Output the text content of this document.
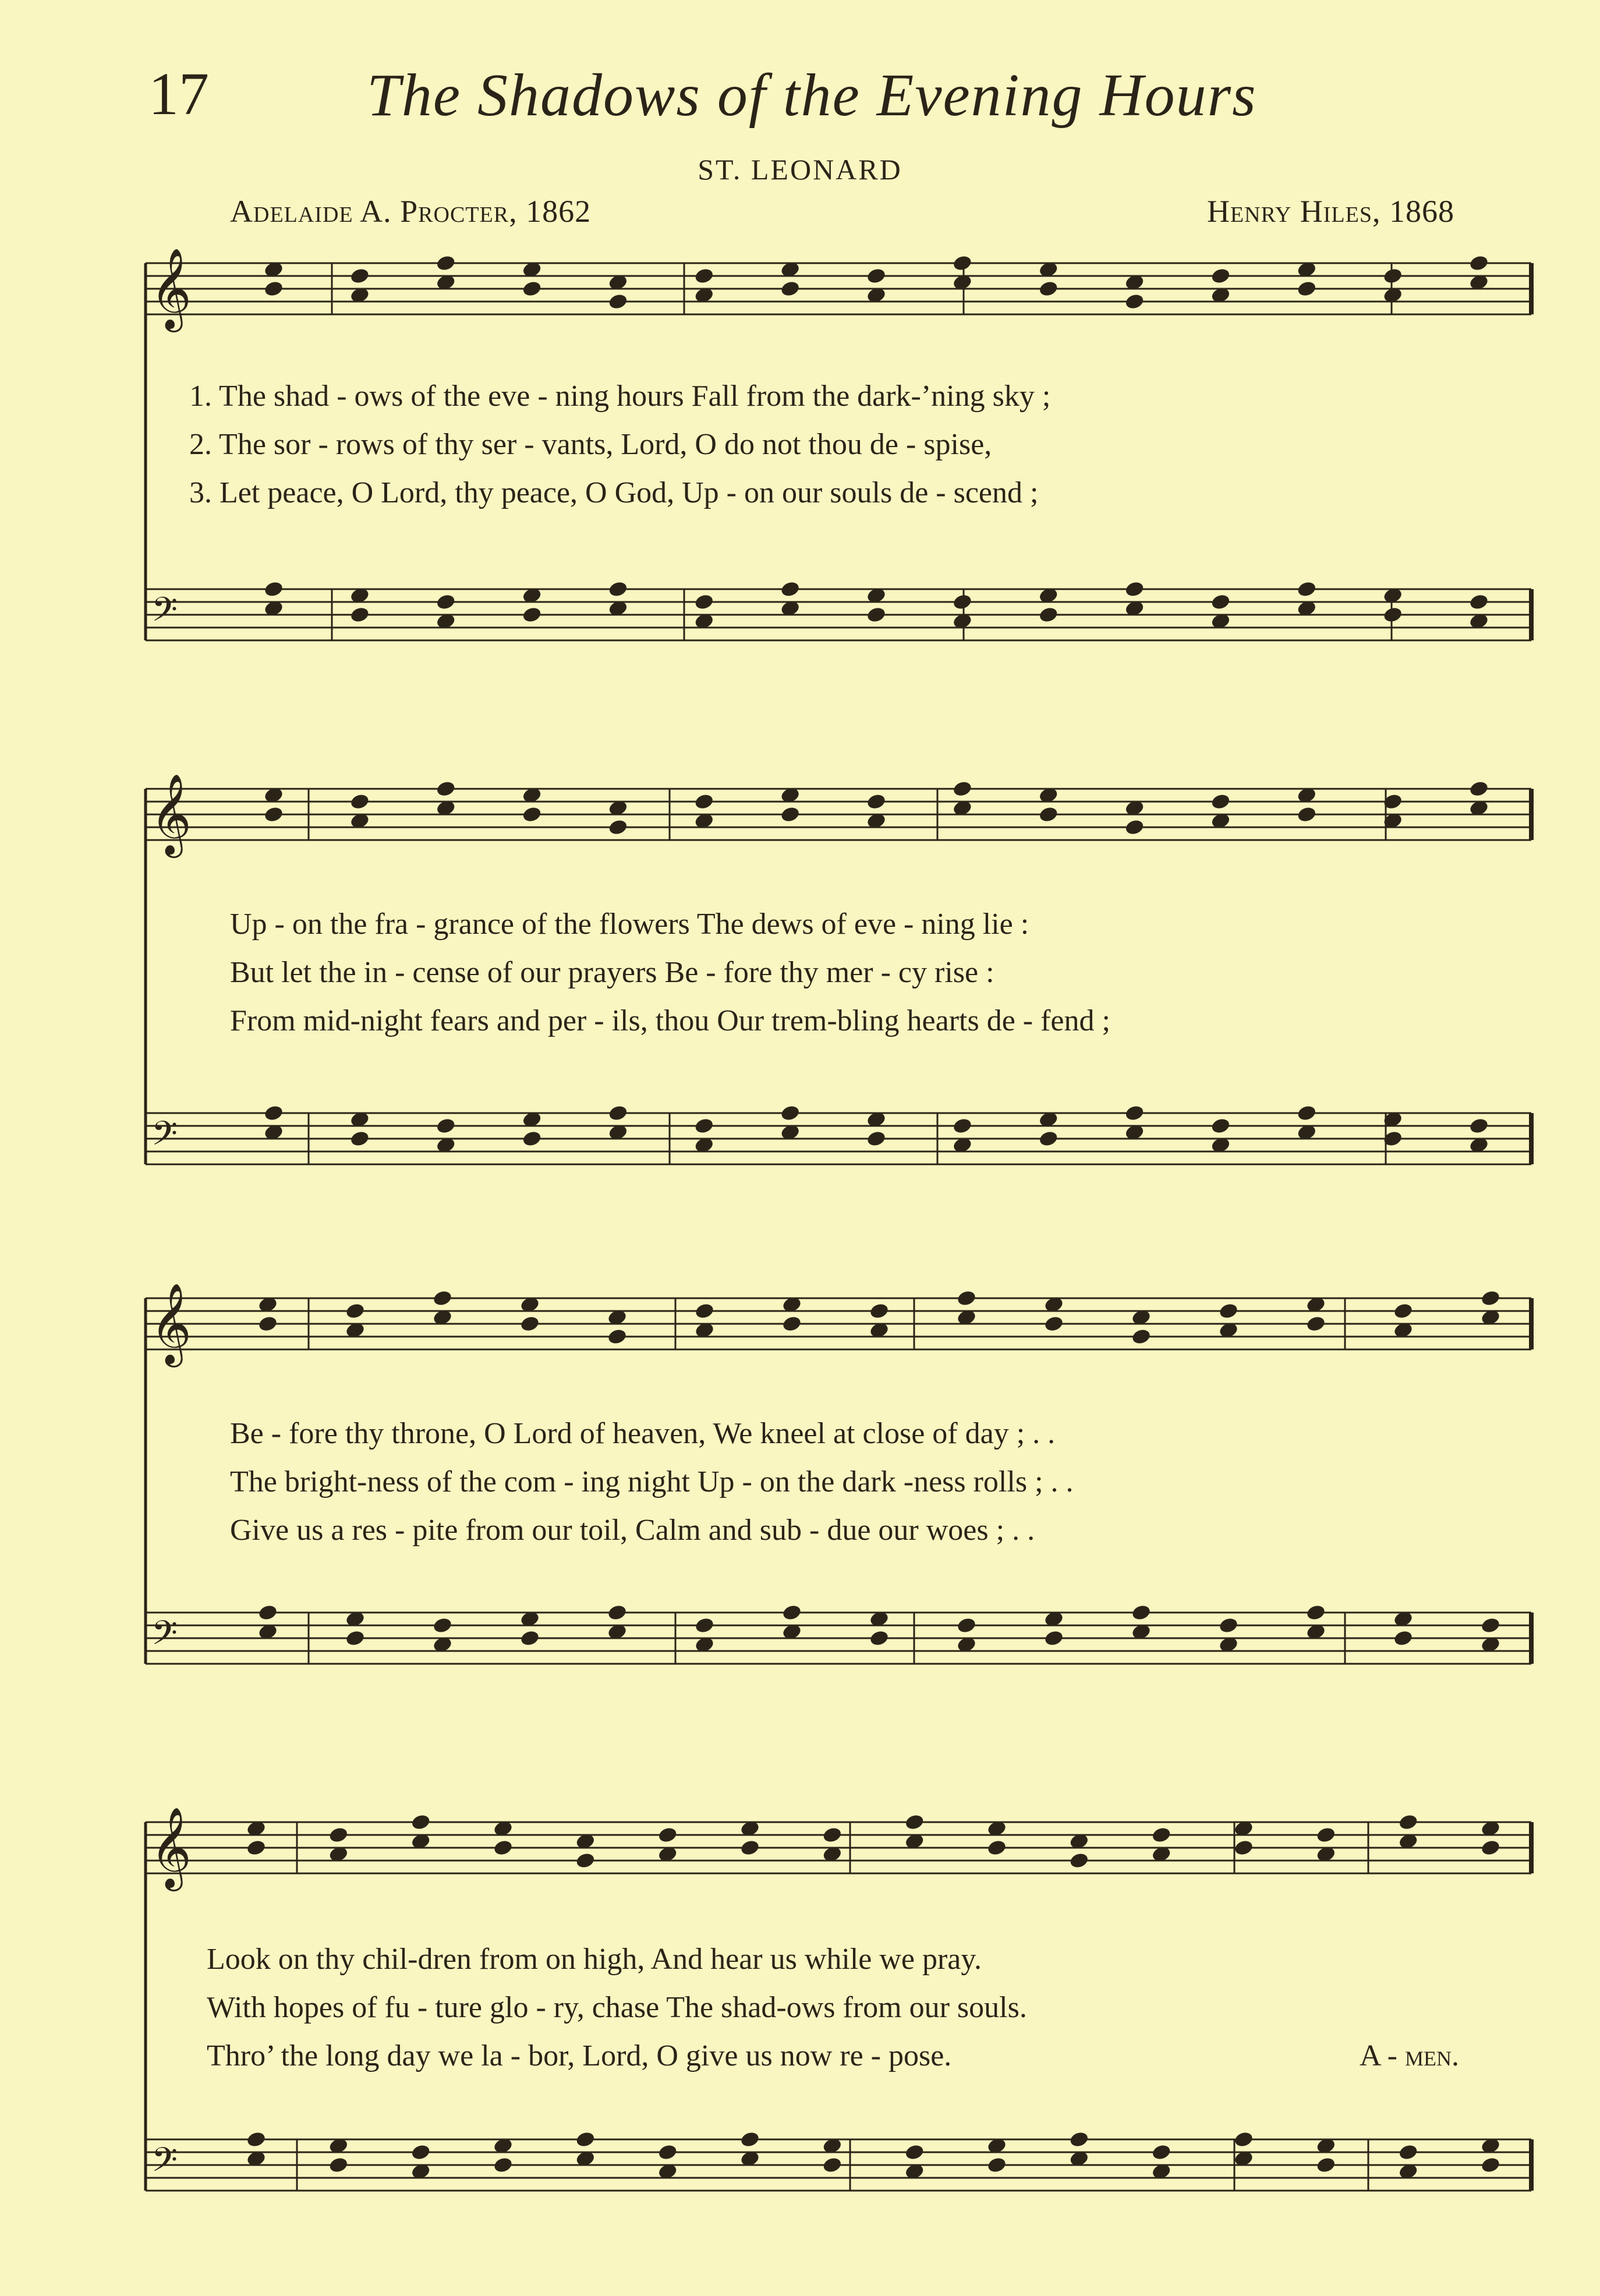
17	The Shadows of the Evening Hours
ST. LEONARD
Adelaide A. Procter, 1862	Henry Hiles, 1868
𝄞
𝄢
𝄞
𝄢
𝄞
𝄢
𝄞
𝄢
1. The shad - ows of the eve - ning hours Fall from the dark-’ning sky ;
2. The sor - rows of thy ser - vants, Lord, O do not thou de - spise,
3. Let peace, O Lord, thy peace, O God, Up - on our souls de - scend ;
Up - on the fra - grance of the flowers The dews of eve - ning lie :
But let the in - cense of our prayers Be - fore thy mer - cy rise :
From mid-night fears and per - ils, thou Our trem-bling hearts de - fend ;
Be - fore thy throne, O Lord of heaven, We kneel at close of day ; . .
The bright-ness of the com - ing night Up - on the dark -ness rolls ; . .
Give us a res - pite from our toil, Calm and sub - due our woes ; . .
Look on thy chil-dren from on high, And hear us while we pray.
With hopes of fu - ture glo - ry, chase The shad-ows from our souls.
Thro’ the long day we la - bor, Lord, O give us now re - pose.	A - men.
